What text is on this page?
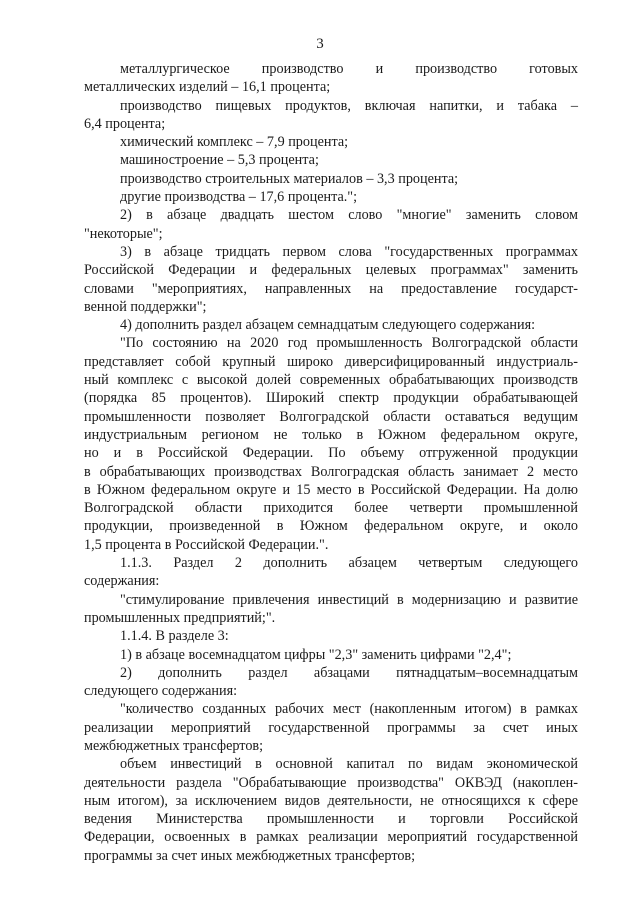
3
металлургическое производство и производство готовых
металлических изделий – 16,1 процента;
производство пищевых продуктов, включая напитки, и табака –
6,4 процента;
химический комплекс – 7,9 процента;
машиностроение – 5,3 процента;
производство строительных материалов – 3,3 процента;
другие производства – 17,6 процента.";
2) в абзаце двадцать шестом слово "многие" заменить словом
"некоторые";
3) в абзаце тридцать первом слова "государственных программах
Российской Федерации и федеральных целевых программах" заменить
словами "мероприятиях, направленных на предоставление государст-
венной поддержки";
4) дополнить раздел абзацем семнадцатым следующего содержания:
"По состоянию на 2020 год промышленность Волгоградской области
представляет собой крупный широко диверсифицированный индустриаль-
ный комплекс с высокой долей современных обрабатывающих производств
(порядка 85 процентов). Широкий спектр продукции обрабатывающей
промышленности позволяет Волгоградской области оставаться ведущим
индустриальным регионом не только в Южном федеральном округе,
но и в Российской Федерации. По объему отгруженной продукции
в обрабатывающих производствах Волгоградская область занимает 2 место
в Южном федеральном округе и 15 место в Российской Федерации. На долю
Волгоградской области приходится более четверти промышленной
продукции, произведенной в Южном федеральном округе, и около
1,5 процента в Российской Федерации.".
1.1.3. Раздел 2 дополнить абзацем четвертым следующего
содержания:
"стимулирование привлечения инвестиций в модернизацию и развитие
промышленных предприятий;".
1.1.4. В разделе 3:
1) в абзаце восемнадцатом цифры "2,3" заменить цифрами "2,4";
2) дополнить раздел абзацами пятнадцатым–восемнадцатым
следующего содержания:
"количество созданных рабочих мест (накопленным итогом) в рамках
реализации мероприятий государственной программы за счет иных
межбюджетных трансфертов;
объем инвестиций в основной капитал по видам экономической
деятельности раздела "Обрабатывающие производства" ОКВЭД (накоплен-
ным итогом), за исключением видов деятельности, не относящихся к сфере
ведения Министерства промышленности и торговли Российской
Федерации, освоенных в рамках реализации мероприятий государственной
программы за счет иных межбюджетных трансфертов;
